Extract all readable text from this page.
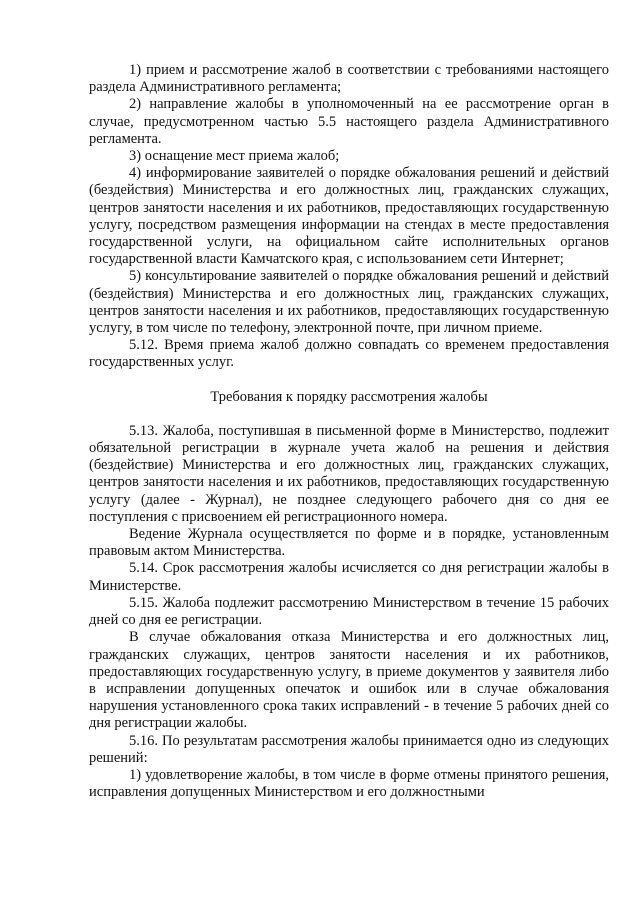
1) прием и рассмотрение жалоб в соответствии с требованиями настоящего раздела Административного регламента;

2) направление жалобы в уполномоченный на ее рассмотрение орган в случае, предусмотренном частью 5.5 настоящего раздела Административного регламента.

3) оснащение мест приема жалоб;

4) информирование заявителей о порядке обжалования решений и действий (бездействия) Министерства и его должностных лиц, гражданских служащих, центров занятости населения и их работников, предоставляющих государственную услугу, посредством размещения информации на стендах в месте предоставления государственной услуги, на официальном сайте исполнительных органов государственной власти Камчатского края, с использованием сети Интернет;

5) консультирование заявителей о порядке обжалования решений и действий (бездействия) Министерства и его должностных лиц, гражданских служащих, центров занятости населения и их работников, предоставляющих государственную услугу, в том числе по телефону, электронной почте, при личном приеме.

5.12. Время приема жалоб должно совпадать со временем предоставления государственных услуг.

Требования к порядку рассмотрения жалобы

5.13. Жалоба, поступившая в письменной форме в Министерство, подлежит обязательной регистрации в журнале учета жалоб на решения и действия (бездействие) Министерства и его должностных лиц, гражданских служащих, центров занятости населения и их работников, предоставляющих государственную услугу (далее - Журнал), не позднее следующего рабочего дня со дня ее поступления с присвоением ей регистрационного номера.

Ведение Журнала осуществляется по форме и в порядке, установленным правовым актом Министерства.

5.14. Срок рассмотрения жалобы исчисляется со дня регистрации жалобы в Министерстве.

5.15. Жалоба подлежит рассмотрению Министерством в течение 15 рабочих дней со дня ее регистрации.

В случае обжалования отказа Министерства и его должностных лиц, гражданских служащих, центров занятости населения и их работников, предоставляющих государственную услугу, в приеме документов у заявителя либо в исправлении допущенных опечаток и ошибок или в случае обжалования нарушения установленного срока таких исправлений - в течение 5 рабочих дней со дня регистрации жалобы.

5.16. По результатам рассмотрения жалобы принимается одно из следующих решений:

1) удовлетворение жалобы, в том числе в форме отмены принятого решения, исправления допущенных Министерством и его должностными
